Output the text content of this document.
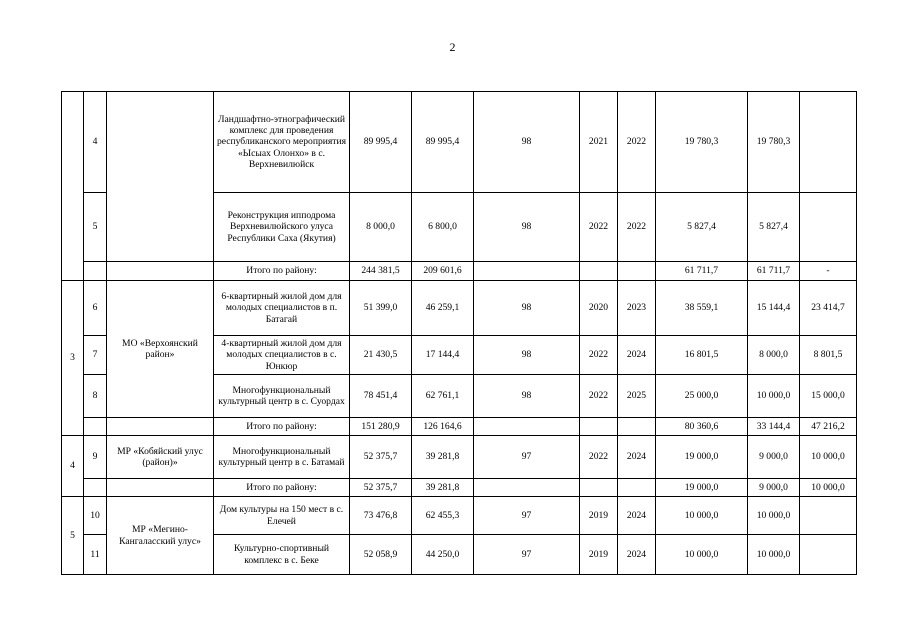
2
	4		Ландшафтно-этнографический комплекс для проведения республиканского мероприятия «Ысыах Олонхо» в с. Верхневилюйск	89 995,4	89 995,4	98	2021	2022	19 780,3	19 780,3	
	5		Реконструкция ипподрома Верхневилюйского улуса Республики Саха (Якутия)	8 000,0	6 800,0	98	2022	2022	5 827,4	5 827,4	
			Итого по району:	244 381,5	209 601,6				61 711,7	61 711,7	-
3	6	МО «Верхоянский район»	6-квартирный жилой дом для молодых специалистов в п. Батагай	51 399,0	46 259,1	98	2020	2023	38 559,1	15 144,4	23 414,7
	7		4-квартирный жилой дом для молодых специалистов в с. Юнкюр	21 430,5	17 144,4	98	2022	2024	16 801,5	8 000,0	8 801,5
	8		Многофункциональный культурный центр в с. Суордах	78 451,4	62 761,1	98	2022	2025	25 000,0	10 000,0	15 000,0
			Итого по району:	151 280,9	126 164,6				80 360,6	33 144,4	47 216,2
4	9	МР «Кобяйский улус (район)»	Многофункциональный культурный центр в с. Батамай	52 375,7	39 281,8	97	2022	2024	19 000,0	9 000,0	10 000,0
			Итого по району:	52 375,7	39 281,8				19 000,0	9 000,0	10 000,0
5	10	МР «Мегино-Кангаласский улус»	Дом культуры на 150 мест в с. Елечей	73 476,8	62 455,3	97	2019	2024	10 000,0	10 000,0	
	11		Культурно-спортивный комплекс в с. Беке	52 058,9	44 250,0	97	2019	2024	10 000,0	10 000,0	
